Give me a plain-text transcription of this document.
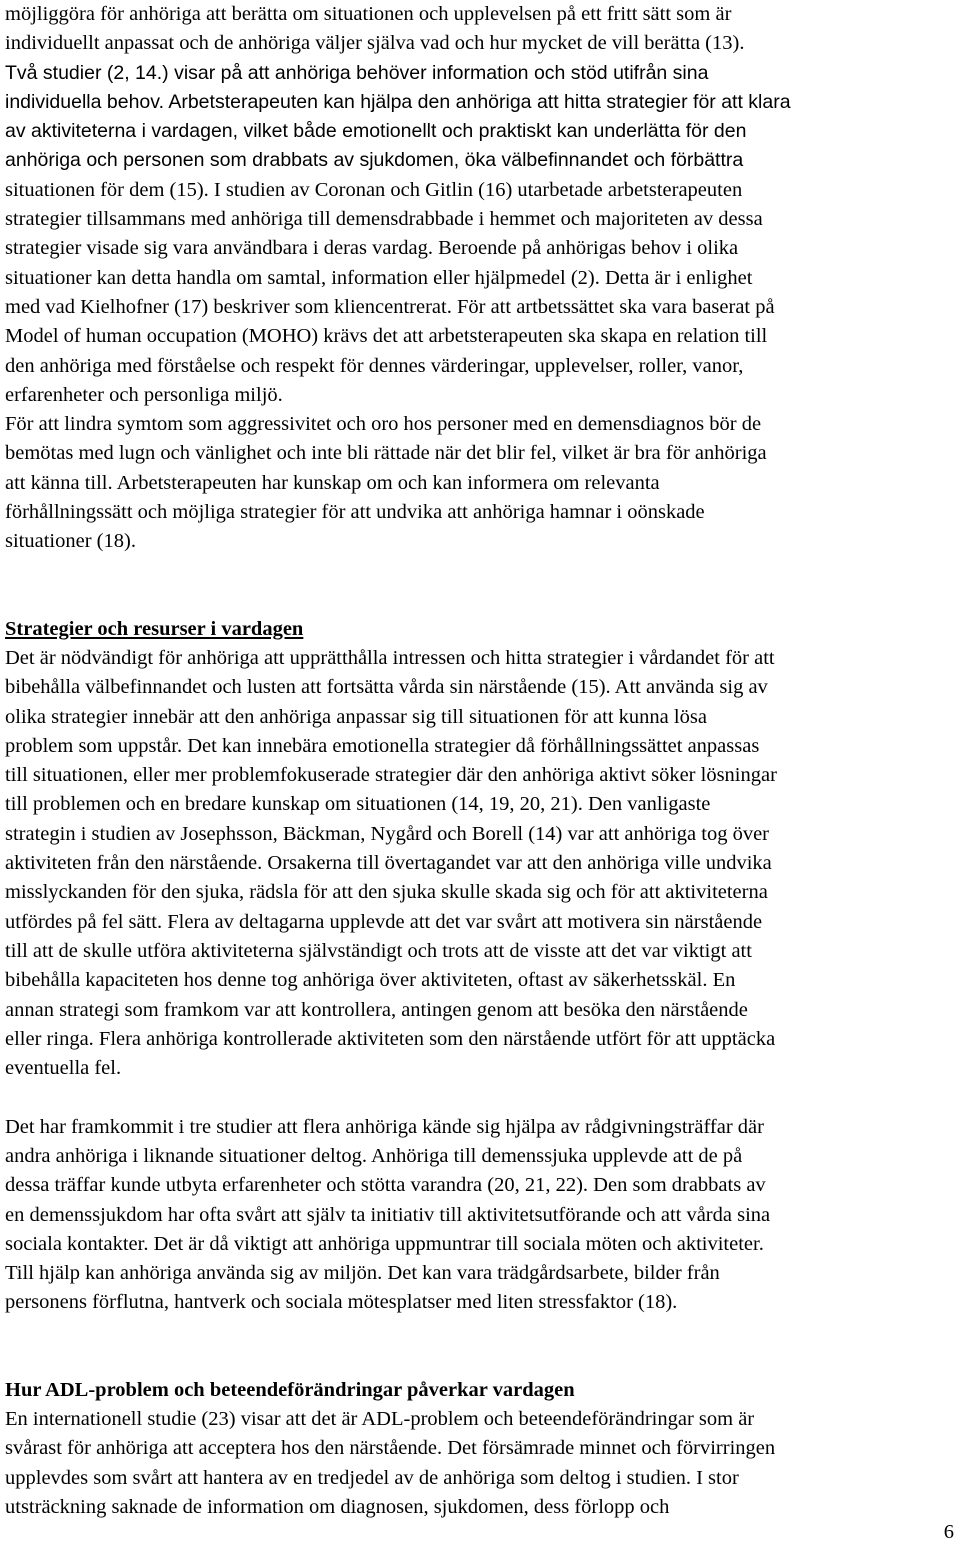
möjliggöra för anhöriga att berätta om situationen och upplevelsen på ett fritt sätt som är
individuellt anpassat och de anhöriga väljer själva vad och hur mycket de vill berätta (13).
Två studier (2, 14.) visar på att anhöriga behöver information och stöd utifrån sina
individuella behov. Arbetsterapeuten kan hjälpa den anhöriga att hitta strategier för att klara
av aktiviteterna i vardagen, vilket både emotionellt och praktiskt kan underlätta för den
anhöriga och personen som drabbats av sjukdomen, öka välbefinnandet och förbättra
situationen för dem (15). I studien av Coronan och Gitlin (16) utarbetade arbetsterapeuten
strategier tillsammans med anhöriga till demensdrabbade i hemmet och majoriteten av dessa
strategier visade sig vara användbara i deras vardag. Beroende på anhörigas behov i olika
situationer kan detta handla om samtal, information eller hjälpmedel (2). Detta är i enlighet
med vad Kielhofner (17) beskriver som kliencentrerat. För att artbetssättet ska vara baserat på
Model of human occupation (MOHO) krävs det att arbetsterapeuten ska skapa en relation till
den anhöriga med förståelse och respekt för dennes värderingar, upplevelser, roller, vanor,
erfarenheter och personliga miljö.
För att lindra symtom som aggressivitet och oro hos personer med en demensdiagnos bör de
bemötas med lugn och vänlighet och inte bli rättade när det blir fel, vilket är bra för anhöriga
att känna till. Arbetsterapeuten har kunskap om och kan informera om relevanta
förhållningssätt och möjliga strategier för att undvika att anhöriga hamnar i oönskade
situationer (18).
Strategier och resurser i vardagen
Det är nödvändigt för anhöriga att upprätthålla intressen och hitta strategier i vårdandet för att
bibehålla välbefinnandet och lusten att fortsätta vårda sin närstående (15). Att använda sig av
olika strategier innebär att den anhöriga anpassar sig till situationen för att kunna lösa
problem som uppstår. Det kan innebära emotionella strategier då förhållningssättet anpassas
till situationen, eller mer problemfokuserade strategier där den anhöriga aktivt söker lösningar
till problemen och en bredare kunskap om situationen (14, 19, 20, 21). Den vanligaste
strategin i studien av Josephsson, Bäckman, Nygård och Borell (14) var att anhöriga tog över
aktiviteten från den närstående. Orsakerna till övertagandet var att den anhöriga ville undvika
misslyckanden för den sjuka, rädsla för att den sjuka skulle skada sig och för att aktiviteterna
utfördes på fel sätt. Flera av deltagarna upplevde att det var svårt att motivera sin närstående
till att de skulle utföra aktiviteterna självständigt och trots att de visste att det var viktigt att
bibehålla kapaciteten hos denne tog anhöriga över aktiviteten, oftast av säkerhetsskäl. En
annan strategi som framkom var att kontrollera, antingen genom att besöka den närstående
eller ringa. Flera anhöriga kontrollerade aktiviteten som den närstående utfört för att upptäcka
eventuella fel.
Det har framkommit i tre studier att flera anhöriga kände sig hjälpa av rådgivningsträffar där
andra anhöriga i liknande situationer deltog. Anhöriga till demenssjuka upplevde att de på
dessa träffar kunde utbyta erfarenheter och stötta varandra (20, 21, 22). Den som drabbats av
en demenssjukdom har ofta svårt att själv ta initiativ till aktivitetsutförande och att vårda sina
sociala kontakter. Det är då viktigt att anhöriga uppmuntrar till sociala möten och aktiviteter.
Till hjälp kan anhöriga använda sig av miljön. Det kan vara trädgårdsarbete, bilder från
personens förflutna, hantverk och sociala mötesplatser med liten stressfaktor (18).
Hur ADL-problem och beteendeförändringar påverkar vardagen
En internationell studie (23) visar att det är ADL-problem och beteendeförändringar som är
svårast för anhöriga att acceptera hos den närstående. Det försämrade minnet och förvirringen
upplevdes som svårt att hantera av en tredjedel av de anhöriga som deltog i studien. I stor
utsträckning saknade de information om diagnosen, sjukdomen, dess förlopp och
6
